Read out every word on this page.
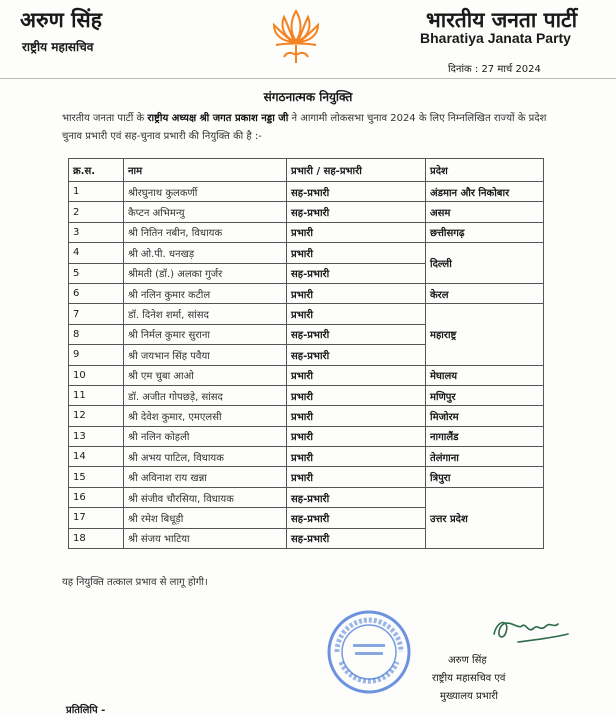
अरुण सिंह
राष्ट्रीय महासचिव
भारतीय जनता पार्टी
Bharatiya Janata Party
दिनांक : 27 मार्च 2024
संगठनात्मक नियुक्ति
भारतीय जनता पार्टी के राष्ट्रीय अध्यक्ष श्री जगत प्रकाश नड्डा जी ने आगामी लोकसभा चुनाव 2024 के लिए निम्नलिखित राज्यों के प्रदेश चुनाव प्रभारी एवं सह-चुनाव प्रभारी की नियुक्ति की है :-
क्र.स.	नाम	प्रभारी / सह-प्रभारी	प्रदेश
1	श्रीरघुनाथ कुलकर्णी	सह-प्रभारी	अंडमान और निकोबार
2	कैप्टन अभिमन्यु	सह-प्रभारी	असम
3	श्री नितिन नबीन, विधायक	प्रभारी	छत्तीसगढ़
4	श्री ओ.पी. धनखड़	प्रभारी	दिल्ली
5	श्रीमती (डॉ.) अलका गुर्जर	सह-प्रभारी	
6	श्री नलिन कुमार कटील	प्रभारी	केरल
7	डॉ. दिनेश शर्मा, सांसद	प्रभारी	महाराष्ट्र
8	श्री निर्मल कुमार सुराना	सह-प्रभारी	
9	श्री जयभान सिंह पवैया	सह-प्रभारी	
10	श्री एम चुबा आओ	प्रभारी	मेघालय
11	डॉ. अजीत गोपछड़े, सांसद	प्रभारी	मणिपुर
12	श्री देवेश कुमार, एमएलसी	प्रभारी	मिजोरम
13	श्री नलिन कोहली	प्रभारी	नागालैंड
14	श्री अभय पाटिल, विधायक	प्रभारी	तेलंगाना
15	श्री अविनाश राय खन्ना	प्रभारी	त्रिपुरा
16	श्री संजीव चौरसिया, विधायक	सह-प्रभारी	उत्तर प्रदेश
17	श्री रमेश बिधूड़ी	सह-प्रभारी	
18	श्री संजय भाटिया	सह-प्रभारी	
यह नियुक्ति तत्काल प्रभाव से लागू होगी।
अरुण सिंह
राष्ट्रीय महासचिव एवं
मुख्यालय प्रभारी
प्रतिलिपि -
